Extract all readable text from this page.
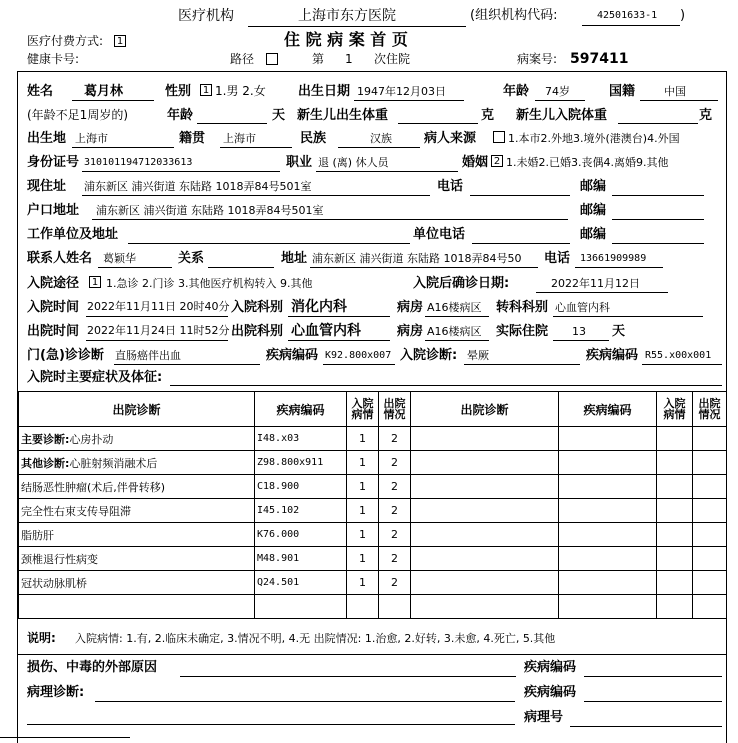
医疗机构	上海市东方医院	(组织机构代码:	42501633-1 )
医疗付费方式: 1	住 院 病 案 首 页
健康卡号:	路径	第 1 次住院	病案号: 597411
姓名 葛月林	性别 1 1.男 2.女 出生日期 1947年12月03日	年龄 74岁	国籍	中国
(年龄不足1周岁的)	年龄	天 新生儿出生体重	克 新生儿入院体重	克
出生地 上海市	籍贯 上海市	民族	汉族 病人来源	1.本市2.外地3.境外(港澳台)4.外国
身份证号 310101194712033613	职业 退 (离) 休人员	婚姻 2 1.未婚2.已婚3.丧偶4.离婚9.其他
现住址 浦东新区 浦兴街道 东陆路 1018弄84号501室	电话	邮编
户口地址 浦东新区 浦兴街道 东陆路 1018弄84号501室	邮编
工作单位及地址	单位电话	邮编
联系人姓名 葛颖华	关系	地址 浦东新区 浦兴街道 东陆路 1018弄84号50 电话 13661909989
入院途径 1 1.急诊 2.门诊 3.其他医疗机构转入 9.其他	入院后确诊日期:	2022年11月12日
入院时间 2022年11月11日 20时40分 入院科别 消化内科	病房 A16楼病区 转科科别 心血管内科
出院时间 2022年11月24日 11时52分 出院科别 心血管内科	病房 A16楼病区 实际住院 13 天
门(急)诊诊断 直肠癌伴出血	疾病编码 K92.800x007 入院诊断: 晕厥	疾病编码 R55.x00x001
入院时主要症状及体征:
出院诊断	疾病编码	入院
病情	出院
情况	出院诊断	疾病编码	入院
病情	出院
情况
主要诊断:心房扑动	I48.x03	1	2				
其他诊断:心脏射频消融术后	Z98.800x911	1	2				
结肠恶性肿瘤(术后,伴骨转移)	C18.900	1	2				
完全性右束支传导阻滞	I45.102	1	2				
脂肪肝	K76.000	1	2				
颈椎退行性病变	M48.901	1	2				
冠状动脉肌桥	Q24.501	1	2				

说明: 入院病情: 1.有, 2.临床未确定, 3.情况不明, 4.无 出院情况: 1.治愈, 2.好转, 3.未愈, 4.死亡, 5.其他
损伤、中毒的外部原因	疾病编码
病理诊断:	疾病编码
病理号
